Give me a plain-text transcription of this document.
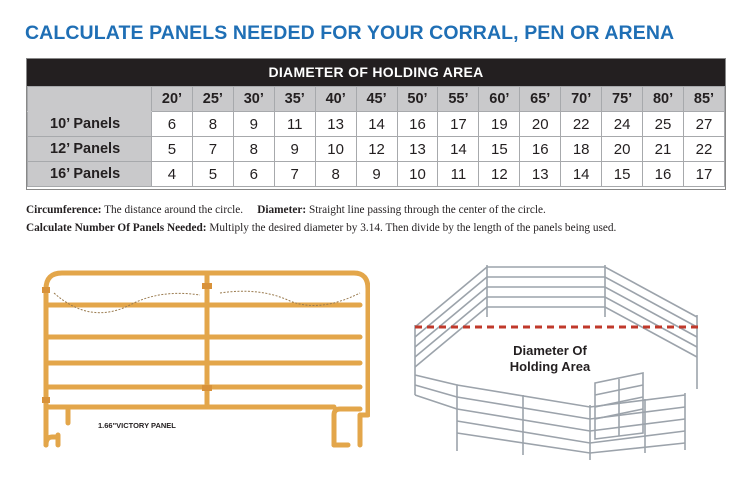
CALCULATE PANELS NEEDED FOR YOUR CORRAL, PEN OR ARENA
DIAMETER OF HOLDING AREA
	20’	25’	30’	35’	40’	45’	50’	55’	60’	65’	70’	75’	80’	85’
10’ Panels	6	8	9	11	13	14	16	17	19	20	22	24	25	27
12’ Panels	5	7	8	9	10	12	13	14	15	16	18	20	21	22
16’ Panels	4	5	6	7	8	9	10	11	12	13	14	15	16	17
Circumference: The distance around the circle. Diameter: Straight line passing through the center of the circle.
Calculate Number Of Panels Needed: Multiply the desired diameter by 3.14. Then divide by the length of the panels being used.
1.66"VICTORY PANEL
Diameter Of
Holding Area
